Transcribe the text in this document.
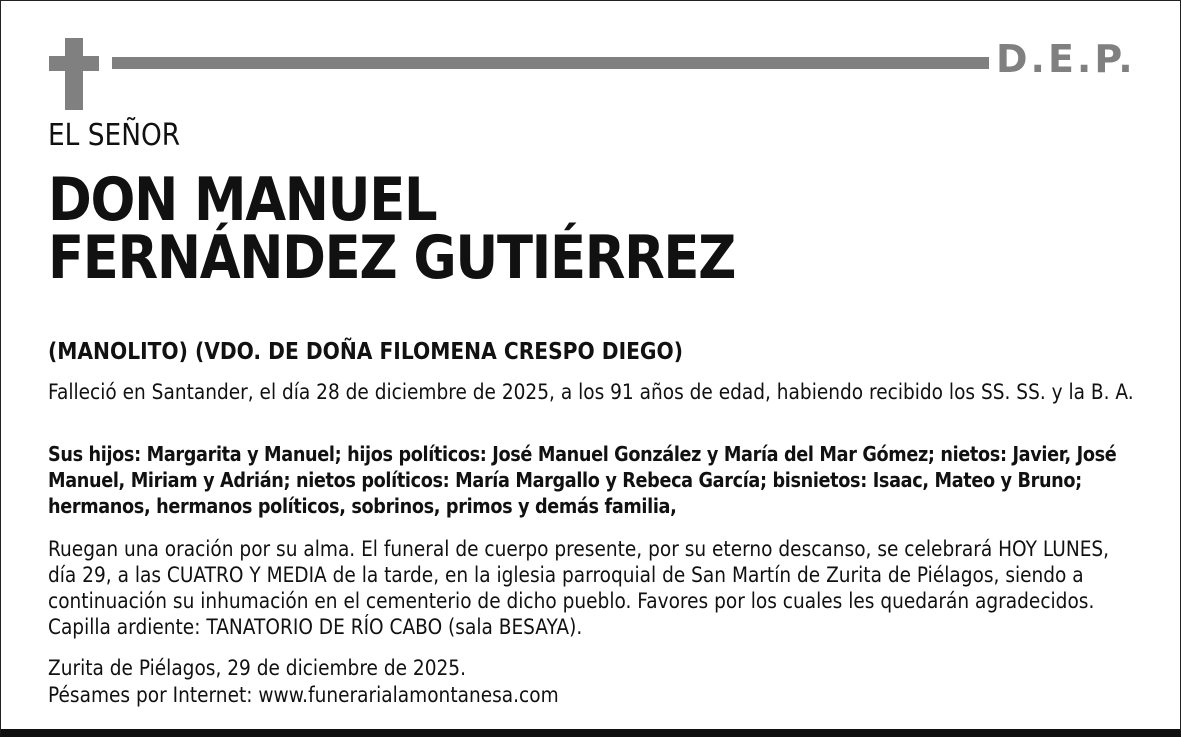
D.E.P.
EL SEÑOR
DON MANUEL
FERNÁNDEZ GUTIÉRREZ
(MANOLITO) (VDO. DE DOÑA FILOMENA CRESPO DIEGO)
Falleció en Santander, el día 28 de diciembre de 2025, a los 91 años de edad, habiendo recibido los SS. SS. y la B. A.
Sus hijos: Margarita y Manuel; hijos políticos: José Manuel González y María del Mar Gómez; nietos: Javier, José Manuel, Miriam y Adrián; nietos políticos: María Margallo y Rebeca García; bisnietos: Isaac, Mateo y Bruno; hermanos, hermanos políticos, sobrinos, primos y demás familia,
Ruegan una oración por su alma. El funeral de cuerpo presente, por su eterno descanso, se celebrará HOY LUNES, día 29, a las CUATRO Y MEDIA de la tarde, en la iglesia parroquial de San Martín de Zurita de Piélagos, siendo a continuación su inhumación en el cementerio de dicho pueblo. Favores por los cuales les quedarán agradecidos. Capilla ardiente: TANATORIO DE RÍO CABO (sala BESAYA).
Zurita de Piélagos, 29 de diciembre de 2025.
Pésames por Internet: www.funerarialamontanesa.com
